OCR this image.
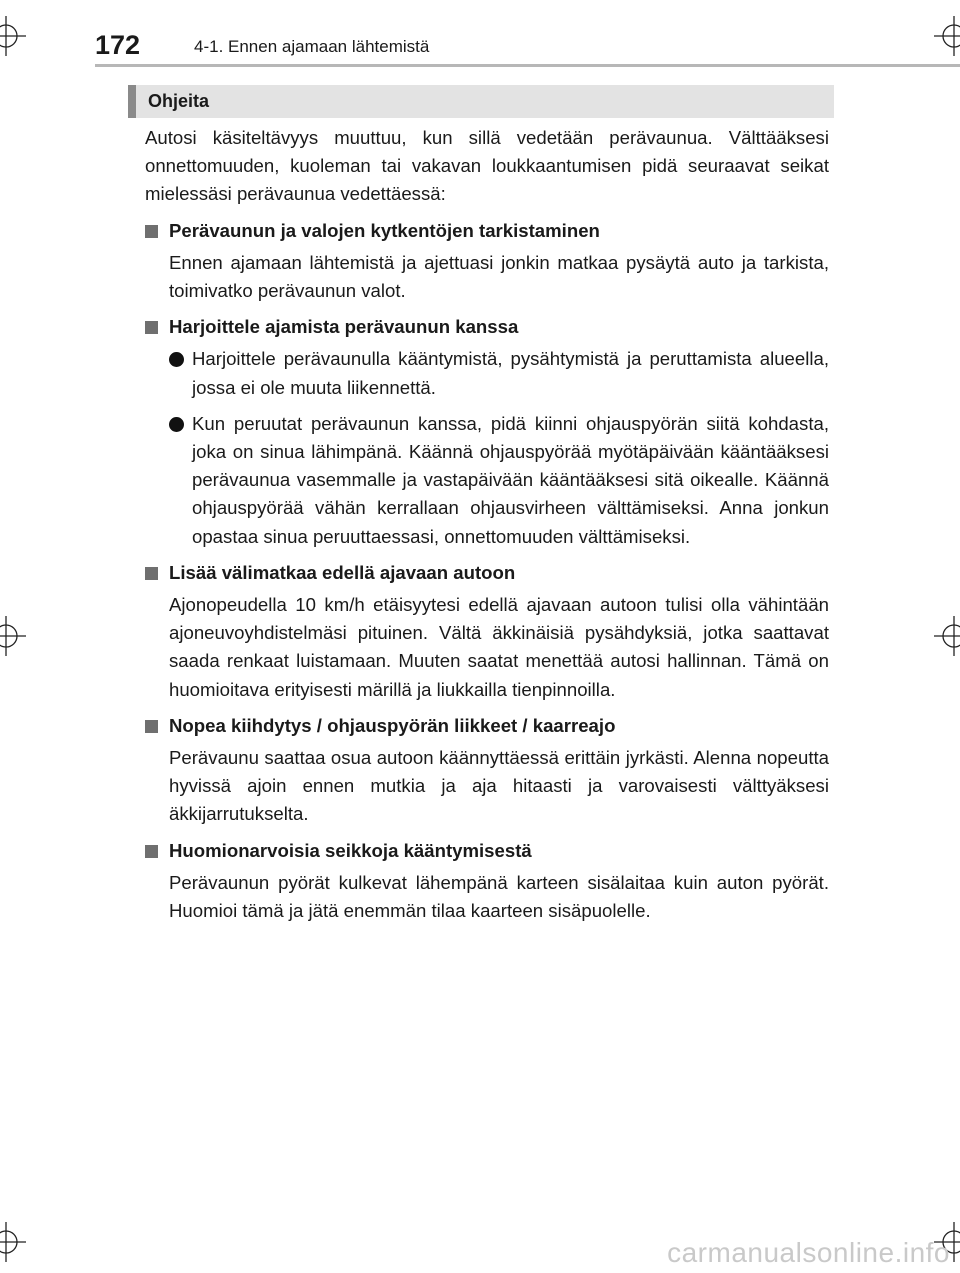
172	4-1. Ennen ajamaan lähtemistä
Ohjeita

Autosi käsiteltävyys muuttuu, kun sillä vedetään perävaunua. Välttääksesi onnettomuuden, kuoleman tai vakavan loukkaantumisen pidä seuraavat seikat mielessäsi perävaunua vedettäessä:

Perävaunun ja valojen kytkentöjen tarkistaminen

Ennen ajamaan lähtemistä ja ajettuasi jonkin matkaa pysäytä auto ja tarkista, toimivatko perävaunun valot.

Harjoittele ajamista perävaunun kanssa
Harjoittele perävaunulla kääntymistä, pysähtymistä ja peruttamista alueella, jossa ei ole muuta liikennettä.
Kun peruutat perävaunun kanssa, pidä kiinni ohjauspyörän siitä kohdasta, joka on sinua lähimpänä. Käännä ohjauspyörää myötäpäivään kääntääksesi perävaunua vasemmalle ja vastapäivään kääntääksesi sitä oikealle. Käännä ohjauspyörää vähän kerrallaan ohjausvirheen välttämiseksi. Anna jonkun opastaa sinua peruuttaessasi, onnettomuuden välttämiseksi.
Lisää välimatkaa edellä ajavaan autoon

Ajonopeudella 10 km/h etäisyytesi edellä ajavaan autoon tulisi olla vähintään ajoneuvoyhdistelmäsi pituinen. Vältä äkkinäisiä pysähdyksiä, jotka saattavat saada renkaat luistamaan. Muuten saatat menettää autosi hallinnan. Tämä on huomioitava erityisesti märillä ja liukkailla tienpinnoilla.

Nopea kiihdytys / ohjauspyörän liikkeet / kaarreajo

Perävaunu saattaa osua autoon käännyttäessä erittäin jyrkästi. Alenna nopeutta hyvissä ajoin ennen mutkia ja aja hitaasti ja varovaisesti välttyäksesi äkkijarrutukselta.

Huomionarvoisia seikkoja kääntymisestä

Perävaunun pyörät kulkevat lähempänä karteen sisälaitaa kuin auton pyörät. Huomioi tämä ja jätä enemmän tilaa kaarteen sisäpuolelle.

carmanualsonline.info
